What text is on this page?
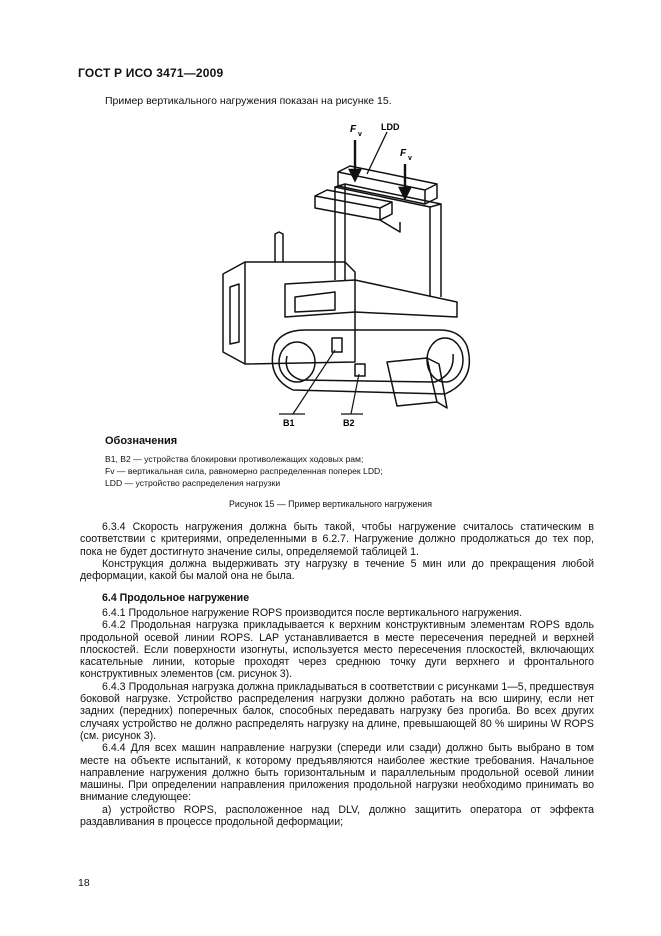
ГОСТ Р ИСО 3471—2009
Пример вертикального нагружения показан на рисунке 15.
F v
LDD
F v
B1	B2
Обозначения
B1, B2 — устройства блокировки противолежащих ходовых рам;
Fv — вертикальная сила, равномерно распределенная поперек LDD;
LDD — устройство распределения нагрузки
Рисунок 15 — Пример вертикального нагружения

6.3.4 Скорость нагружения должна быть такой, чтобы нагружение считалось статическим в соответствии с критериями, определенными в 6.2.7. Нагружение должно продолжаться до тех пор, пока не будет достигнуто значение силы, определяемой таблицей 1.

Конструкция должна выдерживать эту нагрузку в течение 5 мин или до прекращения любой деформации, какой бы малой она не была.

6.4 Продольное нагружение

6.4.1 Продольное нагружение ROPS производится после вертикального нагружения.

6.4.2 Продольная нагрузка прикладывается к верхним конструктивным элементам ROPS вдоль продольной осевой линии ROPS. LAP устанавливается в месте пересечения передней и верхней плоскостей. Если поверхности изогнуты, используется место пересечения плоскостей, включающих касательные линии, которые проходят через среднюю точку дуги верхнего и фронтального конструктивных элементов (см. рисунок 3).

6.4.3 Продольная нагрузка должна прикладываться в соответствии с рисунками 1—5, предшествуя боковой нагрузке. Устройство распределения нагрузки должно работать на всю ширину, если нет задних (передних) поперечных балок, способных передавать нагрузку без прогиба. Во всех других случаях устройство не должно распределять нагрузку на длине, превышающей 80 % ширины W ROPS (см. рисунок 3).

6.4.4 Для всех машин направление нагрузки (спереди или сзади) должно быть выбрано в том месте на объекте испытаний, к которому предъявляются наиболее жесткие требования. Начальное направление нагружения должно быть горизонтальным и параллельным продольной осевой линии машины. При определении направления приложения продольной нагрузки необходимо принимать во внимание следующее:

a) устройство ROPS, расположенное над DLV, должно защитить оператора от эффекта раздавливания в процессе продольной деформации;

18
